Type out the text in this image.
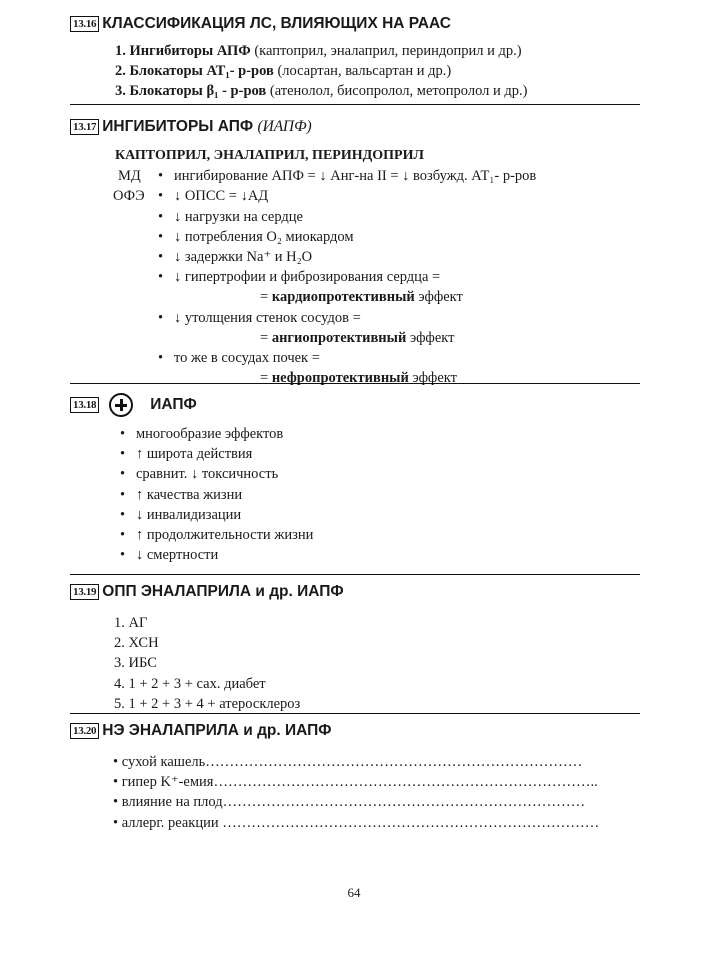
13.16 КЛАССИФИКАЦИЯ ЛС, ВЛИЯЮЩИХ НА РААС
1. Ингибиторы АПФ (каптоприл, эналаприл, периндоприл и др.)
2. Блокаторы АТ₁- р-ров (лосартан, вальсартан и др.)
3. Блокаторы β₁ - р-ров (атенолол, бисопролол, метопролол и др.)
13.17 ИНГИБИТОРЫ АПФ (ИАПФ)
КАПТОПРИЛ, ЭНАЛАПРИЛ, ПЕРИНДОПРИЛ
МД
ОФЭ
• ингибирование АПФ = ↓ Анг-на II = ↓ возбужд. АТ₁- р-ров
• ↓ ОПСС = ↓АД
• ↓ нагрузки на сердце
• ↓ потребления O₂ миокардом
• ↓ задержки Na⁺ и H₂O
• ↓ гипертрофии и фиброзирования сердца =
= кардиопротективный эффект
• ↓ утолщения стенок сосудов =
= ангиопротективный эффект
• то же в сосудах почек =
= нефропротективный эффект
13.18	ИАПФ
• многообразие эффектов
• ↑ широта действия
• сравнит. ↓ токсичность
• ↑ качества жизни
• ↓ инвалидизации
• ↑ продолжительности жизни
• ↓ смертности
13.19 ОПП ЭНАЛАПРИЛА и др. ИАПФ
1. АГ
2. ХСН
3. ИБС
4. 1 + 2 + 3 + сах. диабет
5. 1 + 2 + 3 + 4 + атеросклероз
13.20 НЭ ЭНАЛАПРИЛА и др. ИАПФ
• сухой кашель……………………………………………………………………
• гипер K⁺-емия……………………………………………………………………..
• влияние на плод…………………………………………………………………
• аллерг. реакции ……………………………………………………………………
64
